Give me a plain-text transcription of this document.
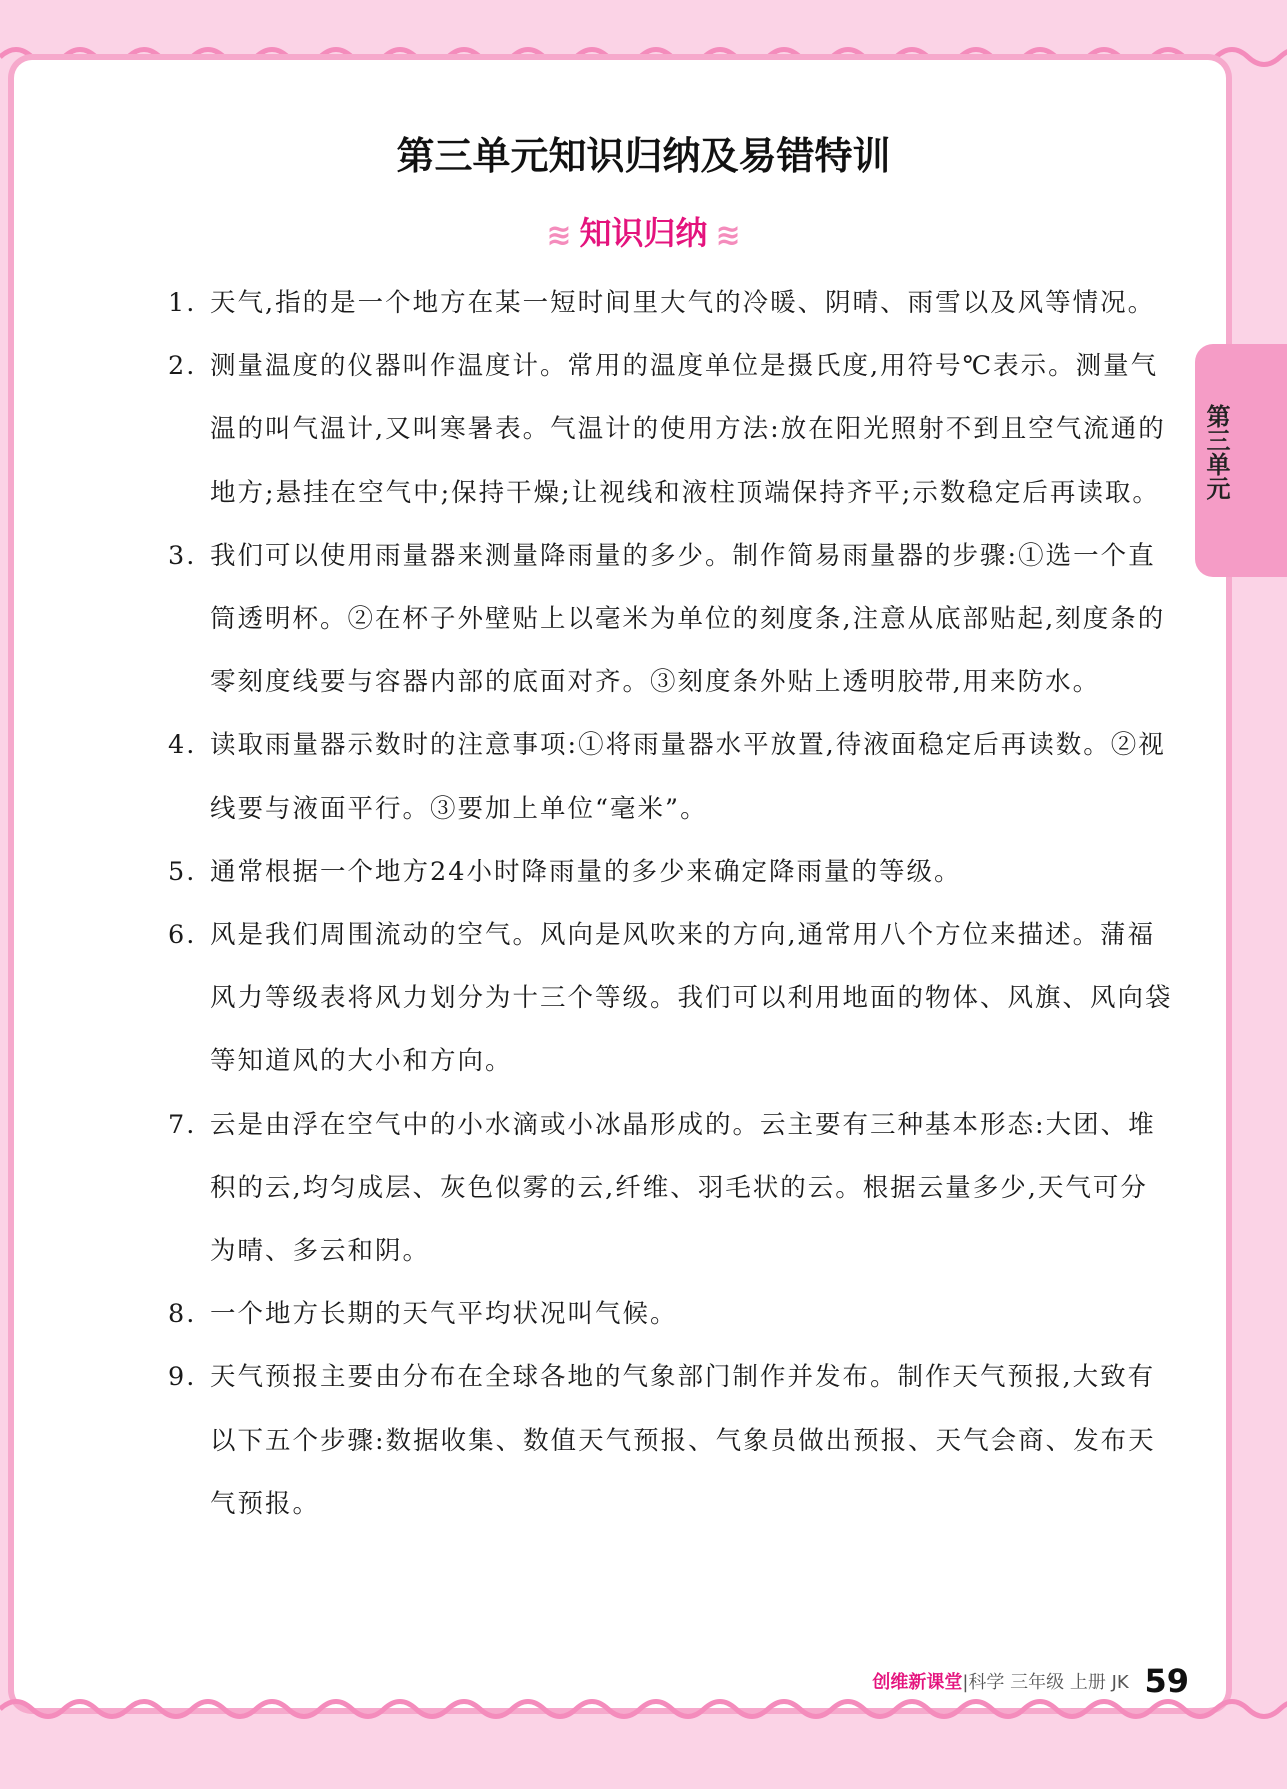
第三单元知识归纳及易错特训
≋ 知识归纳 ≋
第三单元
1. 天气,指的是一个地方在某一短时间里大气的冷暖、阴晴、雨雪以及风等情况。
2. 测量温度的仪器叫作温度计。常用的温度单位是摄氏度,用符号℃表示。测量气温的叫气温计,又叫寒暑表。气温计的使用方法:放在阳光照射不到且空气流通的地方;悬挂在空气中;保持干燥;让视线和液柱顶端保持齐平;示数稳定后再读取。
3. 我们可以使用雨量器来测量降雨量的多少。制作简易雨量器的步骤:①选一个直筒透明杯。②在杯子外壁贴上以毫米为单位的刻度条,注意从底部贴起,刻度条的零刻度线要与容器内部的底面对齐。③刻度条外贴上透明胶带,用来防水。
4. 读取雨量器示数时的注意事项:①将雨量器水平放置,待液面稳定后再读数。②视线要与液面平行。③要加上单位“毫米”。
5. 通常根据一个地方24小时降雨量的多少来确定降雨量的等级。
6. 风是我们周围流动的空气。风向是风吹来的方向,通常用八个方位来描述。蒲福风力等级表将风力划分为十三个等级。我们可以利用地面的物体、风旗、风向袋等知道风的大小和方向。
7. 云是由浮在空气中的小水滴或小冰晶形成的。云主要有三种基本形态:大团、堆积的云,均匀成层、灰色似雾的云,纤维、羽毛状的云。根据云量多少,天气可分为晴、多云和阴。
8. 一个地方长期的天气平均状况叫气候。
9. 天气预报主要由分布在全球各地的气象部门制作并发布。制作天气预报,大致有以下五个步骤:数据收集、数值天气预报、气象员做出预报、天气会商、发布天气预报。
创维新课堂|科学 三年级 上册 JK 59
